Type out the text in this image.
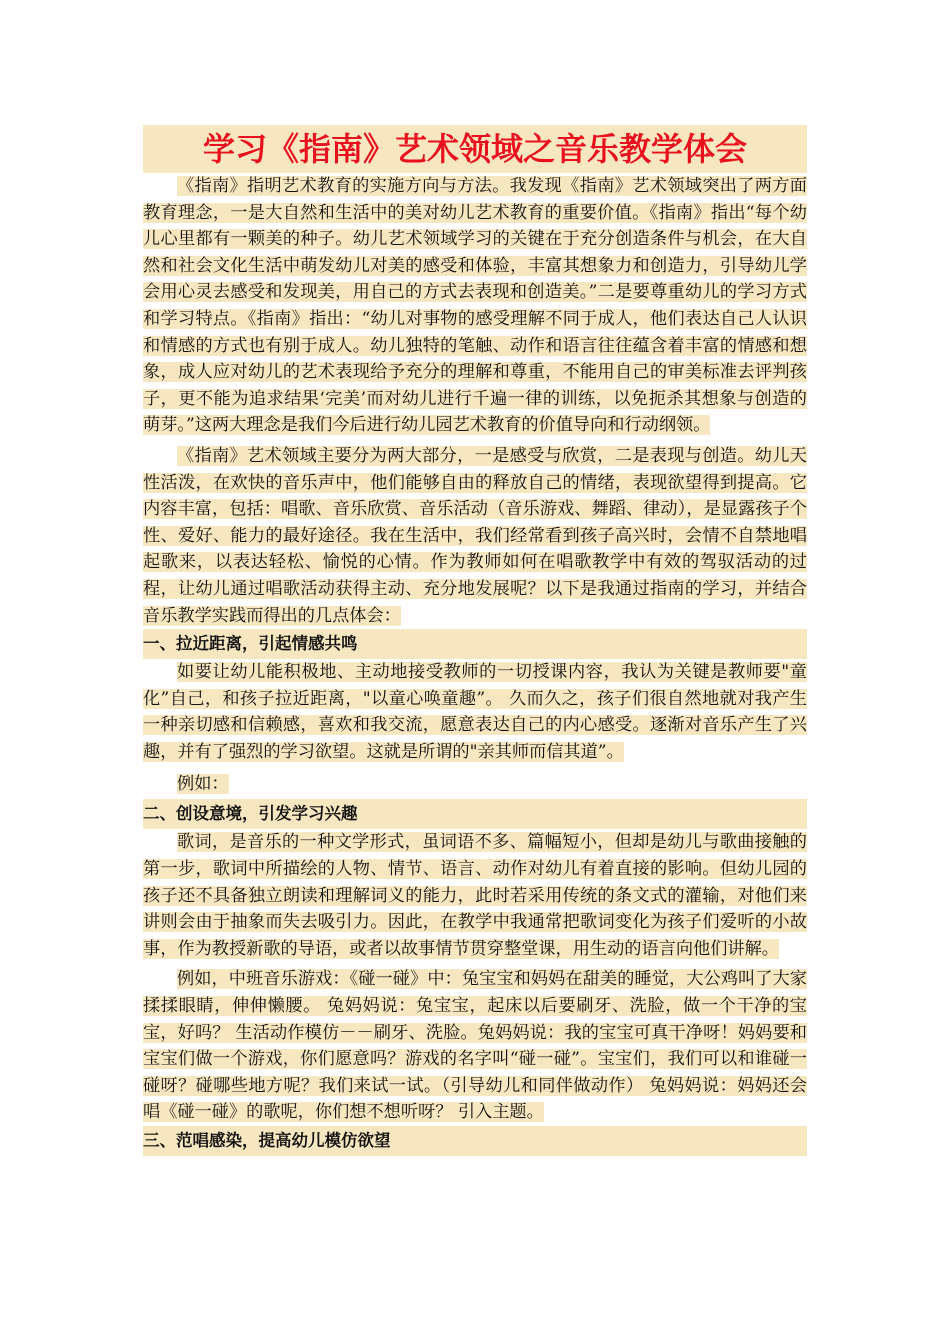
学习《指南》艺术领域之音乐教学体会

《指南》指明艺术教育的实施方向与方法。我发现《指南》艺术领域突出了两方面教育理念，一是大自然和生活中的美对幼儿艺术教育的重要价值。《指南》指出“每个幼儿心里都有一颗美的种子。幼儿艺术领域学习的关键在于充分创造条件与机会，在大自然和社会文化生活中萌发幼儿对美的感受和体验，丰富其想象力和创造力，引导幼儿学会用心灵去感受和发现美，用自己的方式去表现和创造美。”二是要尊重幼儿的学习方式和学习特点。《指南》指出：“幼儿对事物的感受理解不同于成人，他们表达自己人认识和情感的方式也有别于成人。幼儿独特的笔触、动作和语言往往蕴含着丰富的情感和想象，成人应对幼儿的艺术表现给予充分的理解和尊重，不能用自己的审美标准去评判孩子，更不能为追求结果‘完美’而对幼儿进行千遍一律的训练，以免扼杀其想象与创造的萌芽。”这两大理念是我们今后进行幼儿园艺术教育的价值导向和行动纲领。

《指南》艺术领域主要分为两大部分，一是感受与欣赏，二是表现与创造。幼儿天性活泼，在欢快的音乐声中，他们能够自由的释放自己的情绪，表现欲望得到提高。它内容丰富，包括：唱歌、音乐欣赏、音乐活动（音乐游戏、舞蹈、律动），是显露孩子个性、爱好、能力的最好途径。我在生活中，我们经常看到孩子高兴时，会情不自禁地唱起歌来，以表达轻松、愉悦的心情。作为教师如何在唱歌教学中有效的驾驭活动的过程，让幼儿通过唱歌活动获得主动、充分地发展呢？以下是我通过指南的学习，并结合音乐教学实践而得出的几点体会：

一、拉近距离，引起情感共鸣

如要让幼儿能积极地、主动地接受教师的一切授课内容，我认为关键是教师要"童化”自己，和孩子拉近距离，"以童心唤童趣”。 久而久之，孩子们很自然地就对我产生一种亲切感和信赖感，喜欢和我交流，愿意表达自己的内心感受。逐渐对音乐产生了兴趣，并有了强烈的学习欲望。这就是所谓的"亲其师而信其道”。

例如：

二、创设意境，引发学习兴趣

歌词，是音乐的一种文学形式，虽词语不多、篇幅短小，但却是幼儿与歌曲接触的第一步，歌词中所描绘的人物、情节、语言、动作对幼儿有着直接的影响。但幼儿园的孩子还不具备独立朗读和理解词义的能力，此时若采用传统的条文式的灌输，对他们来讲则会由于抽象而失去吸引力。因此，在教学中我通常把歌词变化为孩子们爱听的小故事，作为教授新歌的导语，或者以故事情节贯穿整堂课，用生动的语言向他们讲解。

例如，中班音乐游戏：《碰一碰》中：兔宝宝和妈妈在甜美的睡觉，大公鸡叫了大家揉揉眼睛，伸伸懒腰。 兔妈妈说：兔宝宝，起床以后要刷牙、洗脸，做一个干净的宝宝，好吗？ 生活动作模仿－－刷牙、洗脸。兔妈妈说：我的宝宝可真干净呀！妈妈要和宝宝们做一个游戏，你们愿意吗？游戏的名字叫“碰一碰”。宝宝们，我们可以和谁碰一碰呀？碰哪些地方呢？我们来试一试。（引导幼儿和同伴做动作） 兔妈妈说：妈妈还会唱《碰一碰》的歌呢，你们想不想听呀？ 引入主题。

三、范唱感染，提高幼儿模仿欲望
